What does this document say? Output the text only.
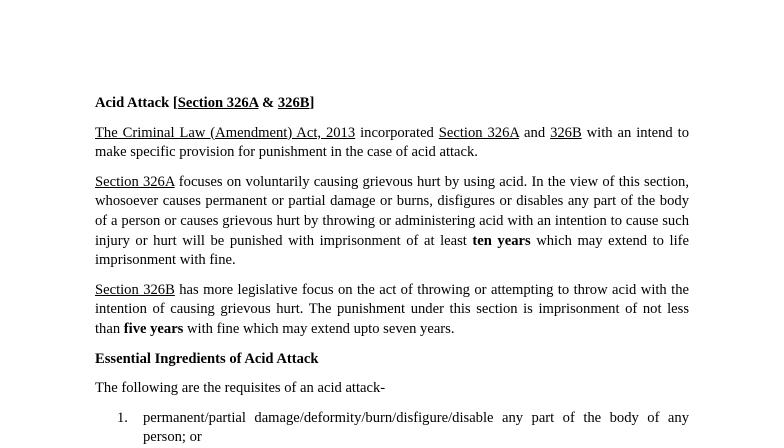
Acid Attack [Section 326A & 326B]

The Criminal Law (Amendment) Act, 2013 incorporated Section 326A and 326B with an intend to make specific provision for punishment in the case of acid attack.

Section 326A focuses on voluntarily causing grievous hurt by using acid. In the view of this section, whosoever causes permanent or partial damage or burns, disfigures or disables any part of the body of a person or causes grievous hurt by throwing or administering acid with an intention to cause such injury or hurt will be punished with imprisonment of at least ten years which may extend to life imprisonment with fine.

Section 326B has more legislative focus on the act of throwing or attempting to throw acid with the intention of causing grievous hurt. The punishment under this section is imprisonment of not less than five years with fine which may extend upto seven years.

Essential Ingredients of Acid Attack

The following are the requisites of an acid attack-

1. permanent/partial damage/deformity/burn/disfigure/disable any part of the body of any person; or
